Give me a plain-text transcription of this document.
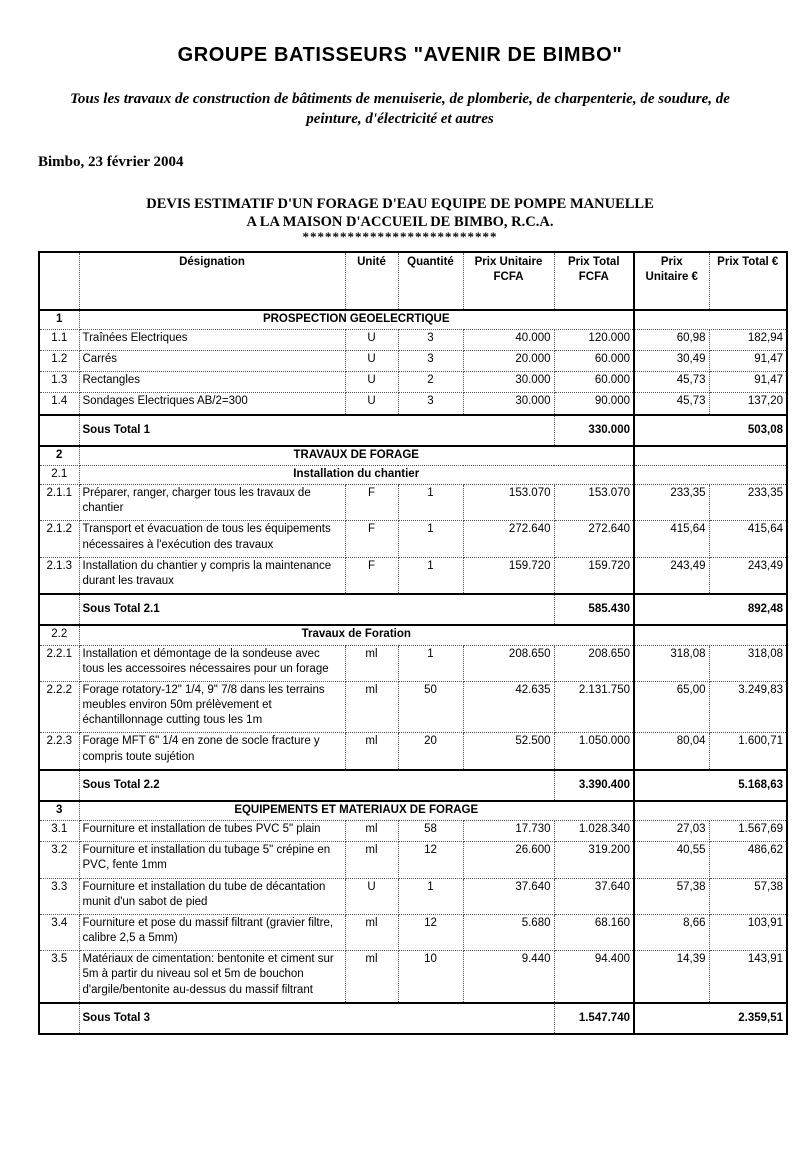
GROUPE BATISSEURS "AVENIR DE BIMBO"

Tous les travaux de construction de bâtiments de menuiserie, de plomberie, de charpenterie, de soudure, de peinture, d'électricité et autres

Bimbo, 23 février 2004

DEVIS ESTIMATIF D'UN FORAGE D'EAU EQUIPE DE POMPE MANUELLE
A LA MAISON D'ACCUEIL DE BIMBO, R.C.A.

**************************

	Désignation	Unité	Quantité	Prix Unitaire FCFA	Prix Total FCFA	Prix Unitaire €	Prix Total €
1	PROSPECTION GEOELECRTIQUE						
1.1	Traînées Electriques	U	3	40.000	120.000	60,98	182,94
1.2	Carrés	U	3	20.000	60.000	30,49	91,47
1.3	Rectangles	U	2	30.000	60.000	45,73	91,47
1.4	Sondages Electriques AB/2=300	U	3	30.000	90.000	45,73	137,20
	Sous Total 1				330.000	503,08	
2	TRAVAUX DE FORAGE						
2.1	Installation du chantier						
2.1.1	Préparer, ranger, charger tous les travaux de chantier	F	1	153.070	153.070	233,35	233,35
2.1.2	Transport et évacuation de tous les équipements nécessaires à l'exécution des travaux	F	1	272.640	272.640	415,64	415,64
2.1.3	Installation du chantier y compris la maintenance durant les travaux	F	1	159.720	159.720	243,49	243,49
	Sous Total 2.1				585.430	892,48	
2.2	Travaux de Foration						
2.2.1	Installation et démontage de la sondeuse avec tous les accessoires nécessaires pour un forage	ml	1	208.650	208.650	318,08	318,08
2.2.2	Forage rotatory-12" 1/4, 9" 7/8 dans les terrains meubles environ 50m prélèvement et échantillonnage cutting tous les 1m	ml	50	42.635	2.131.750	65,00	3.249,83
2.2.3	Forage MFT 6" 1/4 en zone de socle fracture y compris toute sujétion	ml	20	52.500	1.050.000	80,04	1.600,71
	Sous Total 2.2				3.390.400	5.168,63	
3	EQUIPEMENTS ET MATERIAUX DE FORAGE						
3.1	Fourniture et installation de tubes PVC 5" plain	ml	58	17.730	1.028.340	27,03	1.567,69
3.2	Fourniture et installation du tubage 5" crépine en PVC, fente 1mm	ml	12	26.600	319.200	40,55	486,62
3.3	Fourniture et installation du tube de décantation munit d'un sabot de pied	U	1	37.640	37.640	57,38	57,38
3.4	Fourniture et pose du massif filtrant (gravier filtre, calibre 2,5 a 5mm)	ml	12	5.680	68.160	8,66	103,91
3.5	Matériaux de cimentation: bentonite et ciment sur 5m à partir du niveau sol et 5m de bouchon d'argile/bentonite au-dessus du massif filtrant	ml	10	9.440	94.400	14,39	143,91
	Sous Total 3				1.547.740	2.359,51	
